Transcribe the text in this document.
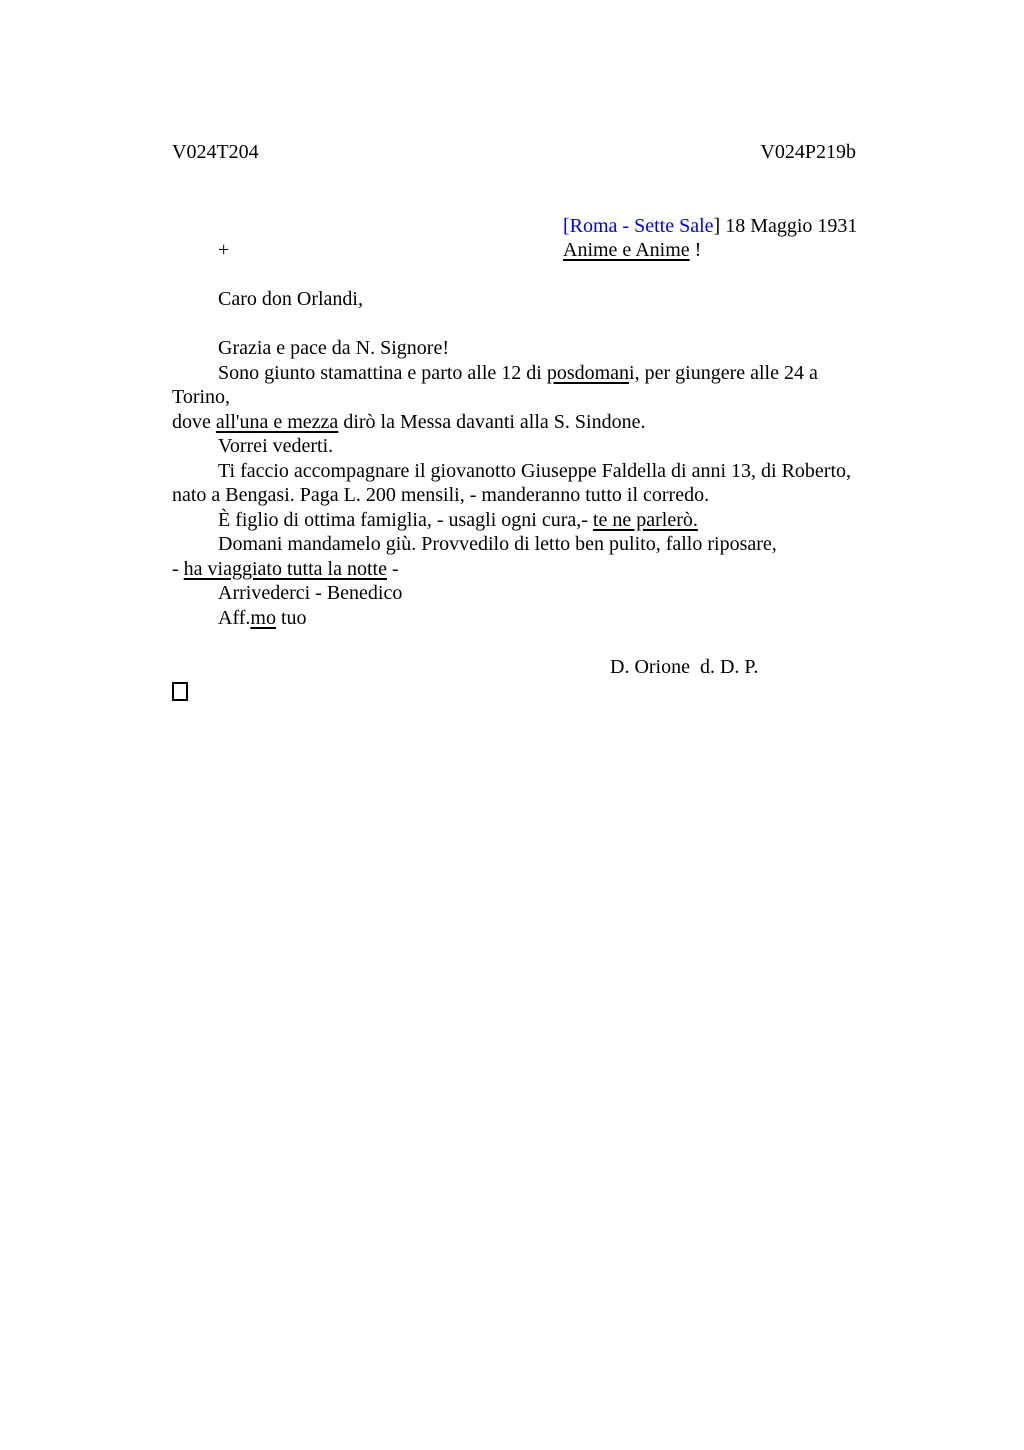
V024T204	V024P219b
[Roma - Sette Sale] 18 Maggio 1931
+	Anime e Anime !
Caro don Orlandi,
Grazia e pace da N. Signore!
Sono giunto stamattina e parto alle 12 di posdomani, per giungere alle 24 a
Torino,
dove all'una e mezza dirò la Messa davanti alla S. Sindone.
Vorrei vederti.
Ti faccio accompagnare il giovanotto Giuseppe Faldella di anni 13, di Roberto,
nato a Bengasi. Paga L. 200 mensili, - manderanno tutto il corredo.
È figlio di ottima famiglia, - usagli ogni cura,- te ne parlerò.
Domani mandamelo giù. Provvedilo di letto ben pulito, fallo riposare,
- ha viaggiato tutta la notte -
Arrivederci - Benedico
Aff.mo tuo
D. Orione  d. D. P.
